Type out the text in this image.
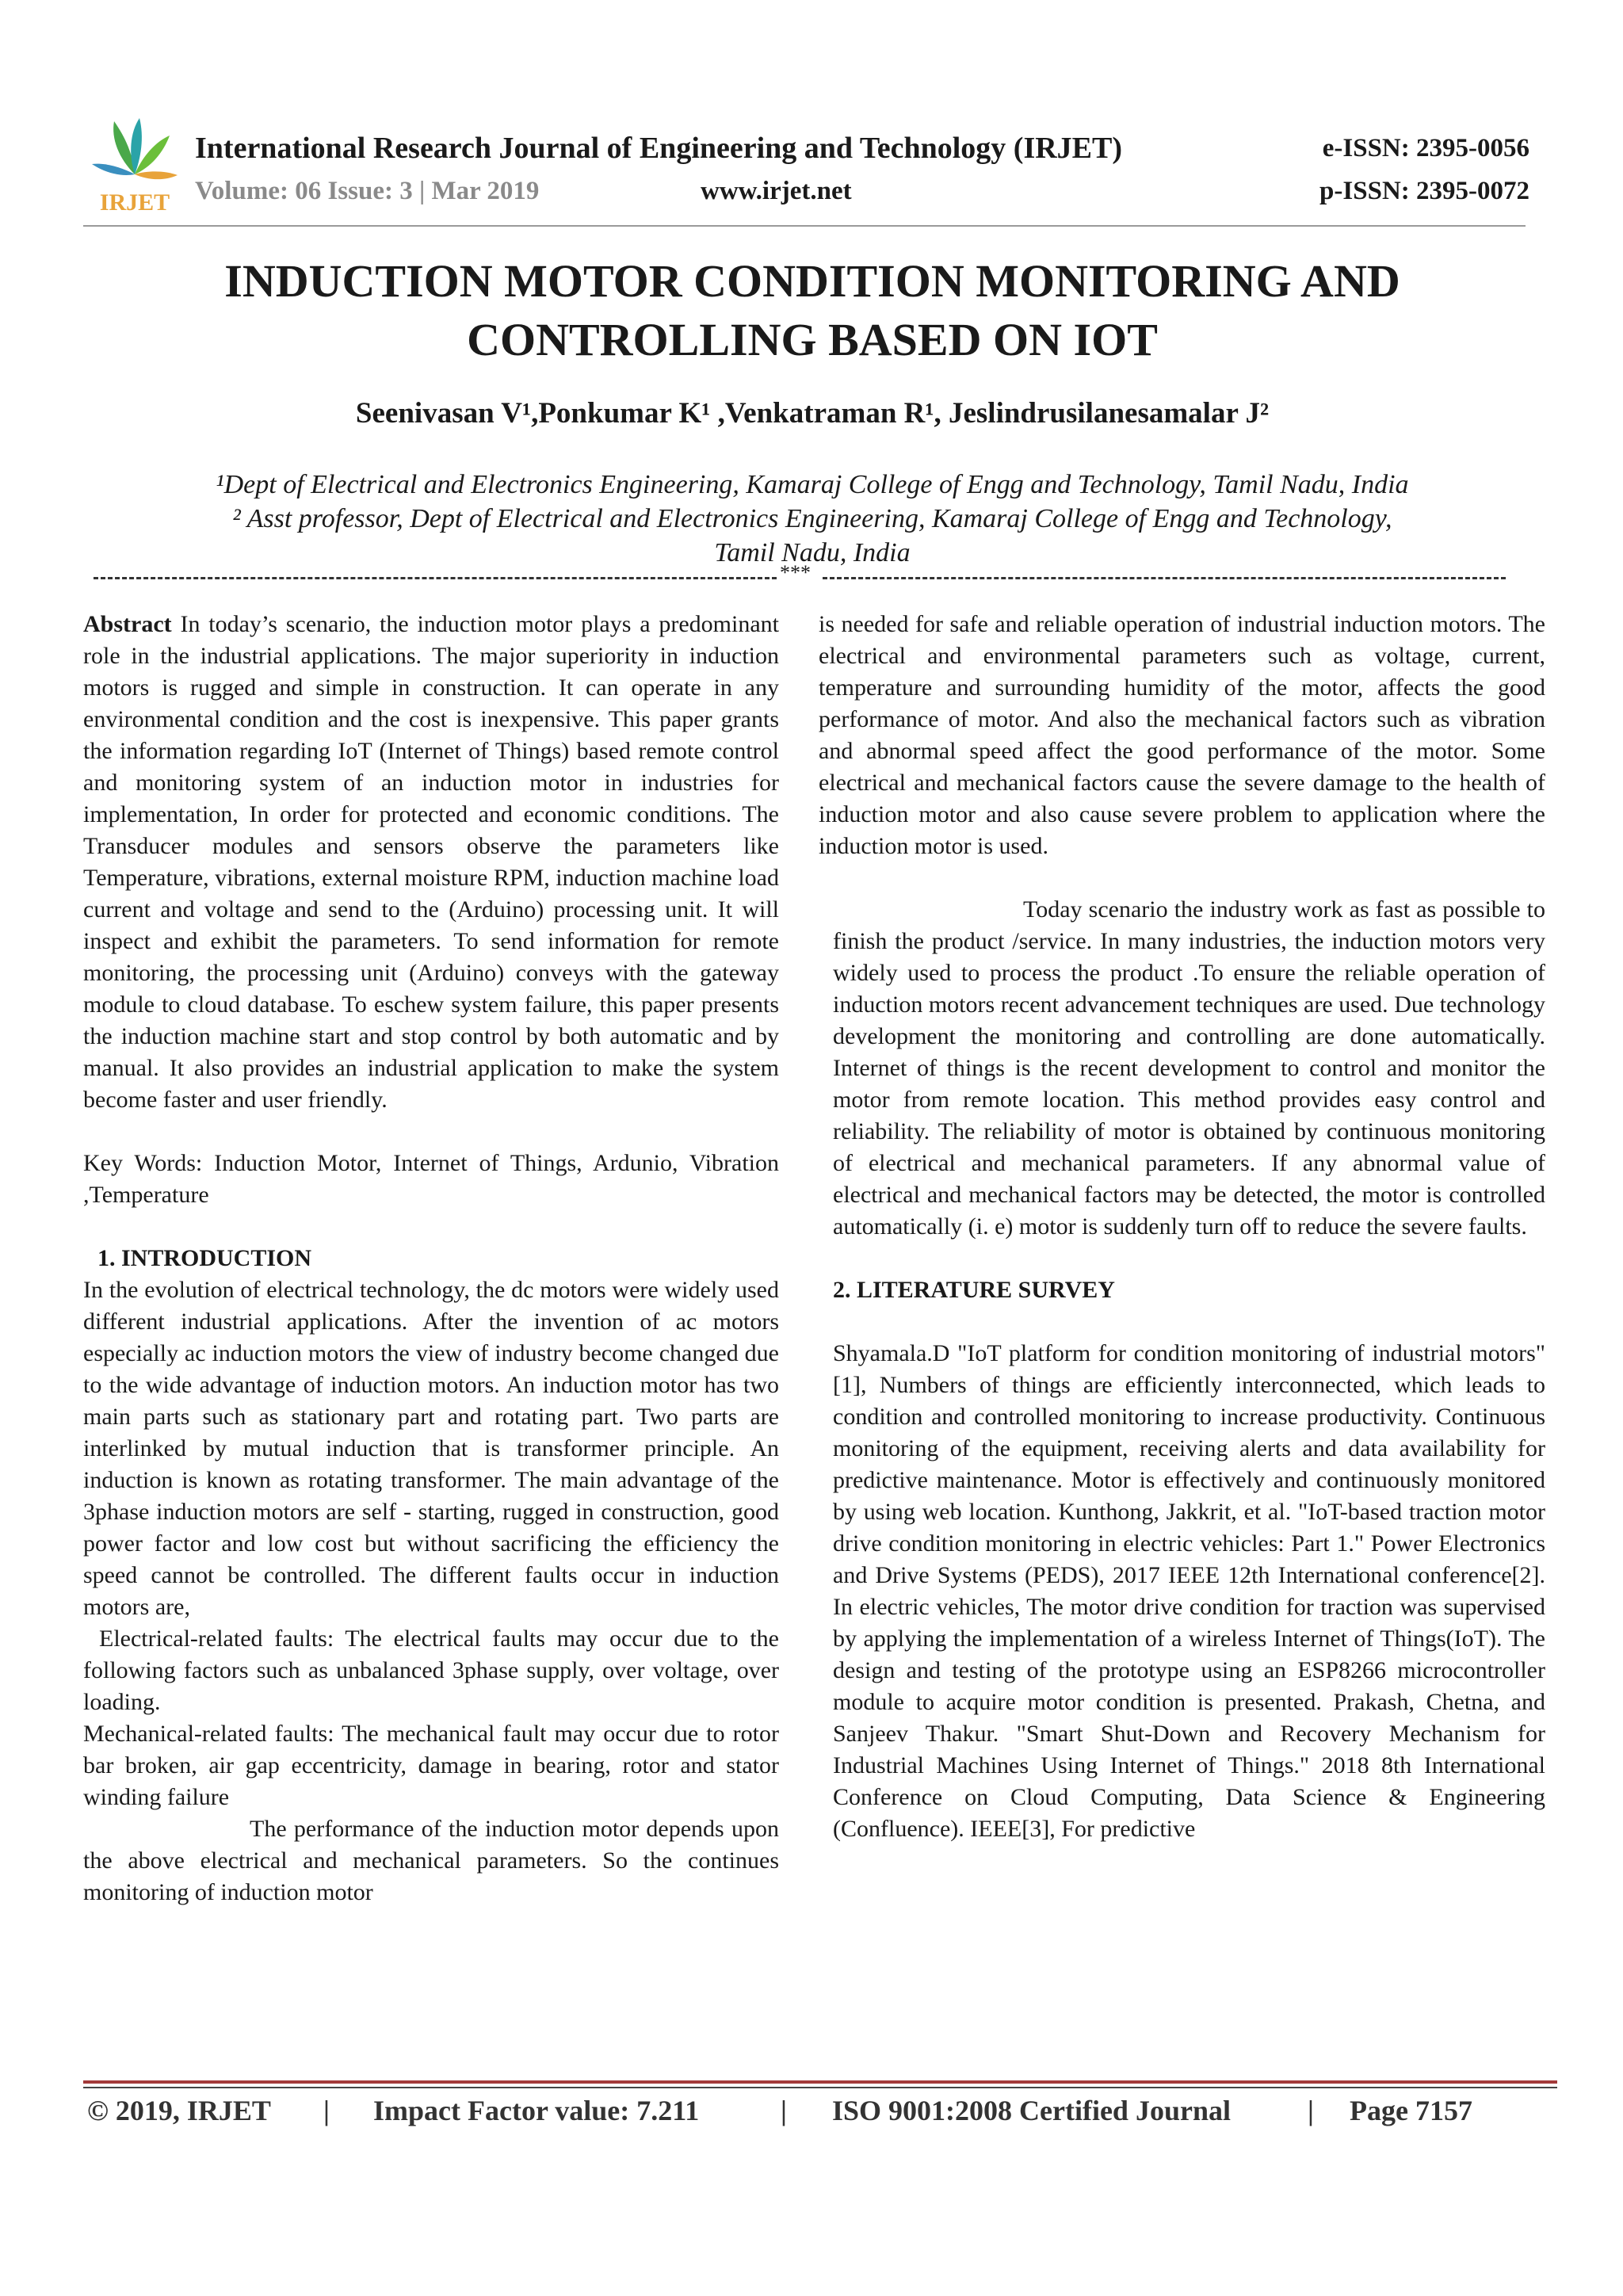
IRJET
International Research Journal of Engineering and Technology (IRJET)	e-ISSN: 2395-0056
Volume: 06 Issue: 3 | Mar 2019	www.irjet.net	p-ISSN: 2395-0072
INDUCTION MOTOR CONDITION MONITORING AND
CONTROLLING BASED ON IOT
Seenivasan V¹,Ponkumar K¹ ,Venkatraman R¹, Jeslindrusilanesamalar J²
¹Dept of Electrical and Electronics Engineering, Kamaraj College of Engg and Technology, Tamil Nadu, India
² Asst professor, Dept of Electrical and Electronics Engineering, Kamaraj College of Engg and Technology,
Tamil Nadu, India
***

Abstract In today’s scenario, the induction motor plays a predominant role in the industrial applications. The major superiority in induction motors is rugged and simple in construction. It can operate in any environmental condition and the cost is inexpensive. This paper grants the information regarding IoT (Internet of Things) based remote control and monitoring system of an induction motor in industries for implementation, In order for protected and economic conditions. The Transducer modules and sensors observe the parameters like Temperature, vibrations, external moisture RPM, induction machine load current and voltage and send to the (Arduino) processing unit. It will inspect and exhibit the parameters. To send information for remote monitoring, the processing unit (Arduino) conveys with the gateway module to cloud database. To eschew system failure, this paper presents the induction machine start and stop control by both automatic and by manual. It also provides an industrial application to make the system become faster and user friendly.

Key Words: Induction Motor, Internet of Things, Ardunio, Vibration ,Temperature

1. INTRODUCTION

In the evolution of electrical technology, the dc motors were widely used different industrial applications. After the invention of ac motors especially ac induction motors the view of industry become changed due to the wide advantage of induction motors. An induction motor has two main parts such as stationary part and rotating part. Two parts are interlinked by mutual induction that is transformer principle. An induction is known as rotating transformer. The main advantage of the 3phase induction motors are self - starting, rugged in construction, good power factor and low cost but without sacrificing the efficiency the speed cannot be controlled. The different faults occur in induction motors are,

Electrical-related faults: The electrical faults may occur due to the following factors such as unbalanced 3phase supply, over voltage, over loading.

Mechanical-related faults: The mechanical fault may occur due to rotor bar broken, air gap eccentricity, damage in bearing, rotor and stator winding failure

The performance of the induction motor depends upon the above electrical and mechanical parameters. So the continues monitoring of induction motor

is needed for safe and reliable operation of industrial induction motors. The electrical and environmental parameters such as voltage, current, temperature and surrounding humidity of the motor, affects the good performance of motor. And also the mechanical factors such as vibration and abnormal speed affect the good performance of the motor. Some electrical and mechanical factors cause the severe damage to the health of induction motor and also cause severe problem to application where the induction motor is used.

Today scenario the industry work as fast as possible to finish the product /service. In many industries, the induction motors very widely used to process the product .To ensure the reliable operation of induction motors recent advancement techniques are used. Due technology development the monitoring and controlling are done automatically. Internet of things is the recent development to control and monitor the motor from remote location. This method provides easy control and reliability. The reliability of motor is obtained by continuous monitoring of electrical and mechanical parameters. If any abnormal value of electrical and mechanical factors may be detected, the motor is controlled automatically (i. e) motor is suddenly turn off to reduce the severe faults.

2. LITERATURE SURVEY

Shyamala.D "IoT platform for condition monitoring of industrial motors" [1], Numbers of things are efficiently interconnected, which leads to condition and controlled monitoring to increase productivity. Continuous monitoring of the equipment, receiving alerts and data availability for predictive maintenance. Motor is effectively and continuously monitored by using web location. Kunthong, Jakkrit, et al. "IoT-based traction motor drive condition monitoring in electric vehicles: Part 1." Power Electronics and Drive Systems (PEDS), 2017 IEEE 12th International conference[2]. In electric vehicles, The motor drive condition for traction was supervised by applying the implementation of a wireless Internet of Things(IoT). The design and testing of the prototype using an ESP8266 microcontroller module to acquire motor condition is presented. Prakash, Chetna, and Sanjeev Thakur. "Smart Shut-Down and Recovery Mechanism for Industrial Machines Using Internet of Things." 2018 8th International Conference on Cloud Computing, Data Science & Engineering (Confluence). IEEE[3], For predictive

© 2019, IRJET | Impact Factor value: 7.211	| ISO 9001:2008 Certified Journal	| Page 7157
